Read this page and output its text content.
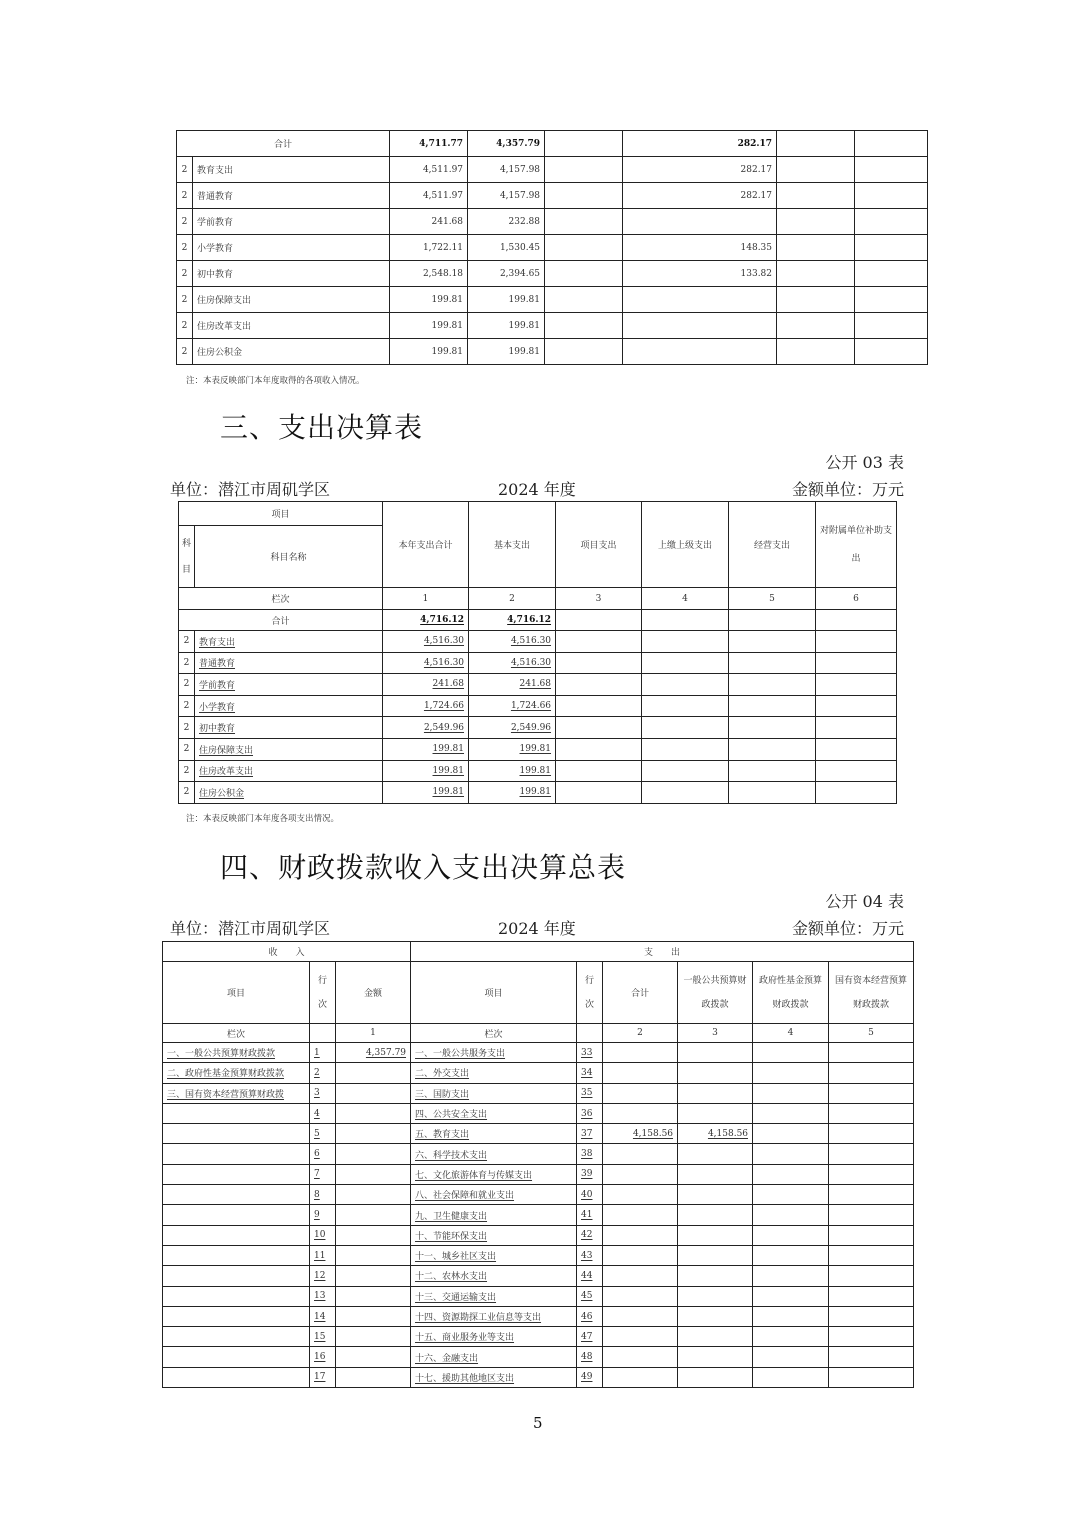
合计		4,711.77	4,357.79		282.17			
2	教育支出	4,511.97	4,157.98		282.17			
2	普通教育	4,511.97	4,157.98		282.17			
2	学前教育	241.68	232.88					
2	小学教育	1,722.11	1,530.45		148.35			
2	初中教育	2,548.18	2,394.65		133.82			
2	住房保障支出	199.81	199.81					
2	住房改革支出	199.81	199.81					
2	住房公积金	199.81	199.81					
注：本表反映部门本年度取得的各项收入情况。
三、支出决算表
公开 03 表
单位：潜江市周矶学区	2024 年度	金额单位：万元
项目		本年支出合计	基本支出	项目支出	上缴上级支出	经营支出	对附属单位补助支出
科目	科目名称						
栏次		1	2	3	4	5	6
合计		4,716.12	4,716.12				
2	教育支出	4,516.30	4,516.30				
2	普通教育	4,516.30	4,516.30				
2	学前教育	241.68	241.68				
2	小学教育	1,724.66	1,724.66				
2	初中教育	2,549.96	2,549.96				
2	住房保障支出	199.81	199.81				
2	住房改革支出	199.81	199.81				
2	住房公积金	199.81	199.81				
注：本表反映部门本年度各项支出情况。
四、财政拨款收入支出决算总表
公开 04 表
单位：潜江市周矶学区	2024 年度	金额单位：万元
收　　入			支　　出					
项目	行次	金额	项目	行次	合计	一般公共预算财政拨款	政府性基金预算财政拨款	国有资本经营预算财政拨款
栏次		1	栏次		2	3	4	5
一、一般公共预算财政拨款	1	4,357.79	一、一般公共服务支出	33				
二、政府性基金预算财政拨款	2		二、外交支出	34				
三、国有资本经营预算财政拨	3		三、国防支出	35				
	4		四、公共安全支出	36				
	5		五、教育支出	37	4,158.56	4,158.56		
	6		六、科学技术支出	38				
	7		七、文化旅游体育与传媒支出	39				
	8		八、社会保障和就业支出	40				
	9		九、卫生健康支出	41				
	10		十、节能环保支出	42				
	11		十一、城乡社区支出	43				
	12		十二、农林水支出	44				
	13		十三、交通运输支出	45				
	14		十四、资源勘探工业信息等支出	46				
	15		十五、商业服务业等支出	47				
	16		十六、金融支出	48				
	17		十七、援助其他地区支出	49				
5
